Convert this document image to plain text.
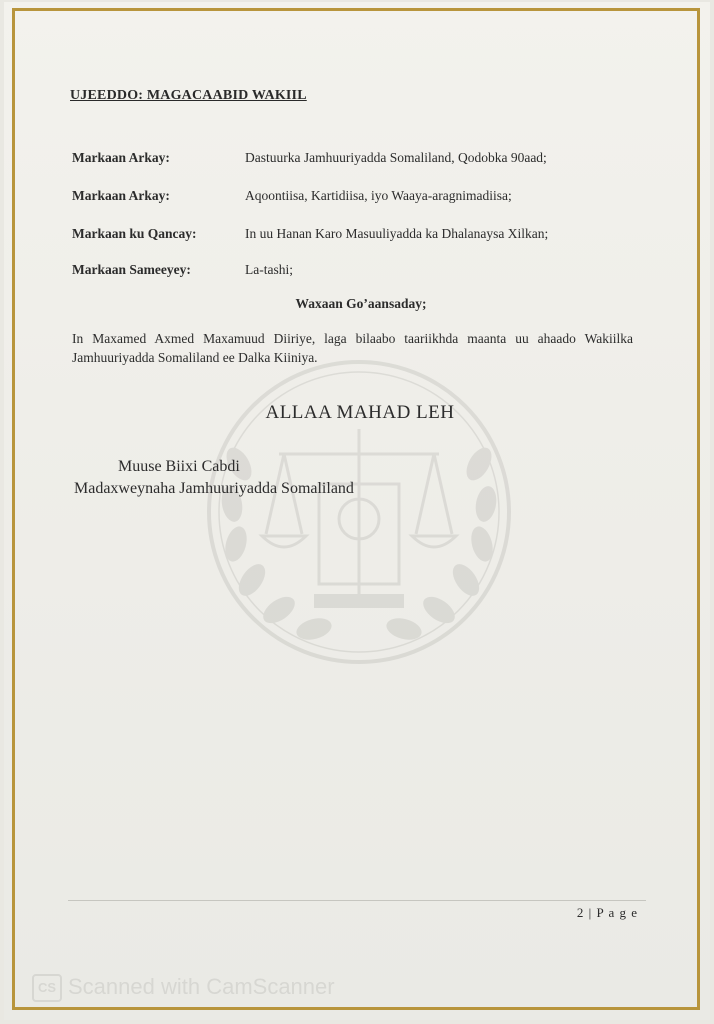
UJEEDDO: MAGACAABID WAKIIL
Markaan Arkay:	Dastuurka Jamhuuriyadda Somaliland, Qodobka 90aad;
Markaan Arkay:	Aqoontiisa, Kartidiisa, iyo Waaya-aragnimadiisa;
Markaan ku Qancay:	In uu Hanan Karo Masuuliyadda ka Dhalanaysa Xilkan;
Markaan Sameeyey:	La-tashi;
Waxaan Go’aansaday;
In Maxamed Axmed Maxamuud Diiriye, laga bilaabo taariikhda maanta uu ahaado Wakiilka Jamhuuriyadda Somaliland ee Dalka Kiiniya.
ALLAA MAHAD LEH
Muuse Biixi Cabdi
Madaxweynaha Jamhuuriyadda Somaliland
2 | P a g e
CS Scanned with CamScanner
